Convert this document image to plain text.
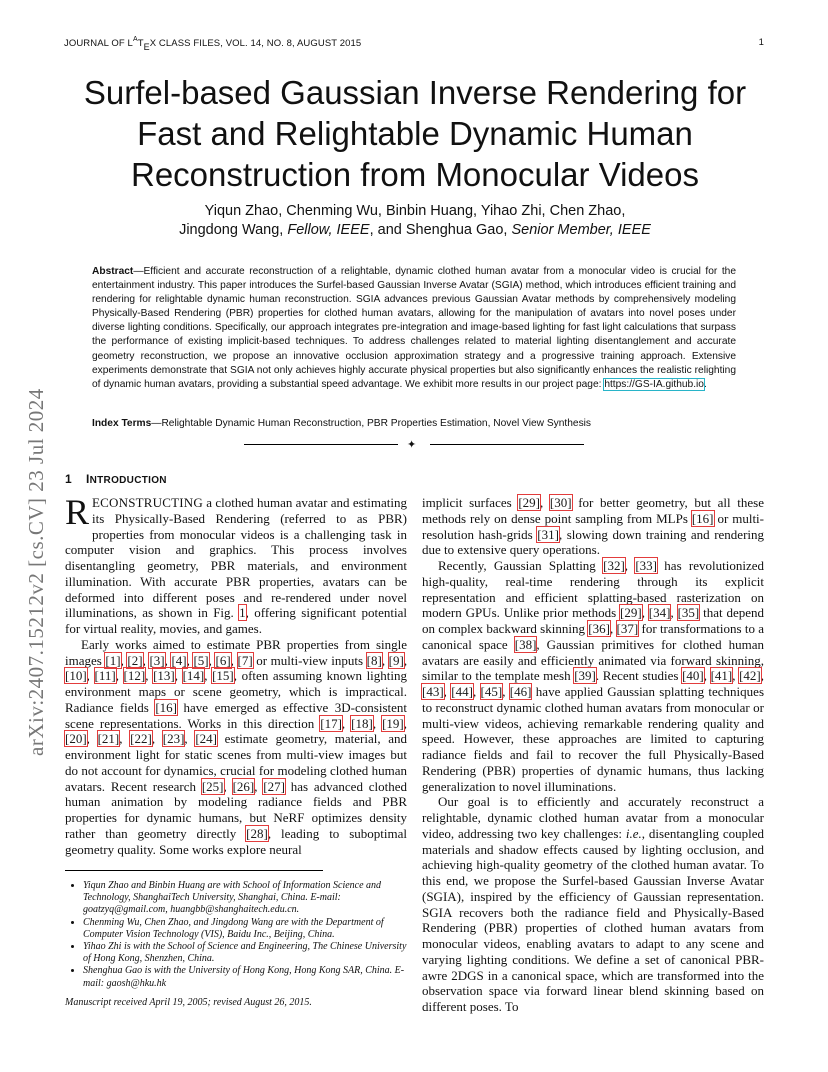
JOURNAL OF $L^AT_EX$ CLASS FILES, VOL. 14, NO. 8, AUGUST 2015	1
arXiv:2407.15212v2 [cs.CV] 23 Jul 2024
Surfel-based Gaussian Inverse Rendering for
Fast and Relightable Dynamic Human
Reconstruction from Monocular Videos
Yiqun Zhao, Chenming Wu, Binbin Huang, Yihao Zhi, Chen Zhao,
Jingdong Wang, Fellow, IEEE, and Shenghua Gao, Senior Member, IEEE
Abstract—Efficient and accurate reconstruction of a relightable, dynamic clothed human avatar from a monocular video is crucial for the entertainment industry. This paper introduces the Surfel-based Gaussian Inverse Avatar (SGIA) method, which introduces efficient training and rendering for relightable dynamic human reconstruction. SGIA advances previous Gaussian Avatar methods by comprehensively modeling Physically-Based Rendering (PBR) properties for clothed human avatars, allowing for the manipulation of avatars into novel poses under diverse lighting conditions. Specifically, our approach integrates pre-integration and image-based lighting for fast light calculations that surpass the performance of existing implicit-based techniques. To address challenges related to material lighting disentanglement and accurate geometry reconstruction, we propose an innovative occlusion approximation strategy and a progressive training approach. Extensive experiments demonstrate that SGIA not only achieves highly accurate physical properties but also significantly enhances the realistic relighting of dynamic human avatars, providing a substantial speed advantage. We exhibit more results in our project page: https://GS-IA.github.io.
Index Terms—Relightable Dynamic Human Reconstruction, PBR Properties Estimation, Novel View Synthesis
✦
1 INTRODUCTION

RECONSTRUCTING a clothed human avatar and estimating its Physically-Based Rendering (referred to as PBR) properties from monocular videos is a challenging task in computer vision and graphics. This process involves disentangling geometry, PBR materials, and environment illumination. With accurate PBR properties, avatars can be deformed into different poses and re-rendered under novel illuminations, as shown in Fig. 1, offering significant potential for virtual reality, movies, and games.

Early works aimed to estimate PBR properties from single images [1], [2], [3], [4], [5], [6], [7] or multi-view inputs [8], [9], [10], [11], [12], [13], [14], [15], often assuming known lighting environment maps or scene geometry, which is impractical. Radiance fields [16] have emerged as effective 3D-consistent scene representations. Works in this direction [17], [18], [19], [20], [21], [22], [23], [24] estimate geometry, material, and environment light for static scenes from multi-view images but do not account for dynamics, crucial for modeling clothed human avatars. Recent research [25], [26], [27] has advanced clothed human animation by modeling radiance fields and PBR properties for dynamic humans, but NeRF optimizes density rather than geometry directly [28], leading to suboptimal geometry quality. Some works explore neural

implicit surfaces [29], [30] for better geometry, but all these methods rely on dense point sampling from MLPs [16] or multi-resolution hash-grids [31], slowing down training and rendering due to extensive query operations.

Recently, Gaussian Splatting [32], [33] has revolutionized high-quality, real-time rendering through its explicit representation and efficient splatting-based rasterization on modern GPUs. Unlike prior methods [29], [34], [35] that depend on complex backward skinning [36], [37] for transformations to a canonical space [38], Gaussian primitives for clothed human avatars are easily and efficiently animated via forward skinning, similar to the template mesh [39]. Recent studies [40], [41], [42], [43], [44], [45], [46] have applied Gaussian splatting techniques to reconstruct dynamic clothed human avatars from monocular or multi-view videos, achieving remarkable rendering quality and speed. However, these approaches are limited to capturing radiance fields and fail to recover the full Physically-Based Rendering (PBR) properties of dynamic humans, thus lacking generalization to novel illuminations.

Our goal is to efficiently and accurately reconstruct a relightable, dynamic clothed human avatar from a monocular video, addressing two key challenges: i.e., disentangling coupled materials and shadow effects caused by lighting occlusion, and achieving high-quality geometry of the clothed human avatar. To this end, we propose the Surfel-based Gaussian Inverse Avatar (SGIA), inspired by the efficiency of Gaussian representation. SGIA recovers both the radiance field and Physically-Based Rendering (PBR) properties of clothed human avatars from monocular videos, enabling avatars to adapt to any scene and varying lighting conditions. We define a set of canonical PBR-awre 2DGS in a canonical space, which are transformed into the observation space via forward linear blend skinning based on different poses. To

• Yiqun Zhao and Binbin Huang are with School of Information Science and Technology, ShanghaiTech University, Shanghai, China. E-mail: goatzyq@gmail.com, huangbb@shanghaitech.edu.cn.
• Chenming Wu, Chen Zhao, and Jingdong Wang are with the Department of Computer Vision Technology (VIS), Baidu Inc., Beijing, China.
• Yihao Zhi is with the School of Science and Engineering, The Chinese University of Hong Kong, Shenzhen, China.
• Shenghua Gao is with the University of Hong Kong, Hong Kong SAR, China. E-mail: gaosh@hku.hk
Manuscript received April 19, 2005; revised August 26, 2015.
